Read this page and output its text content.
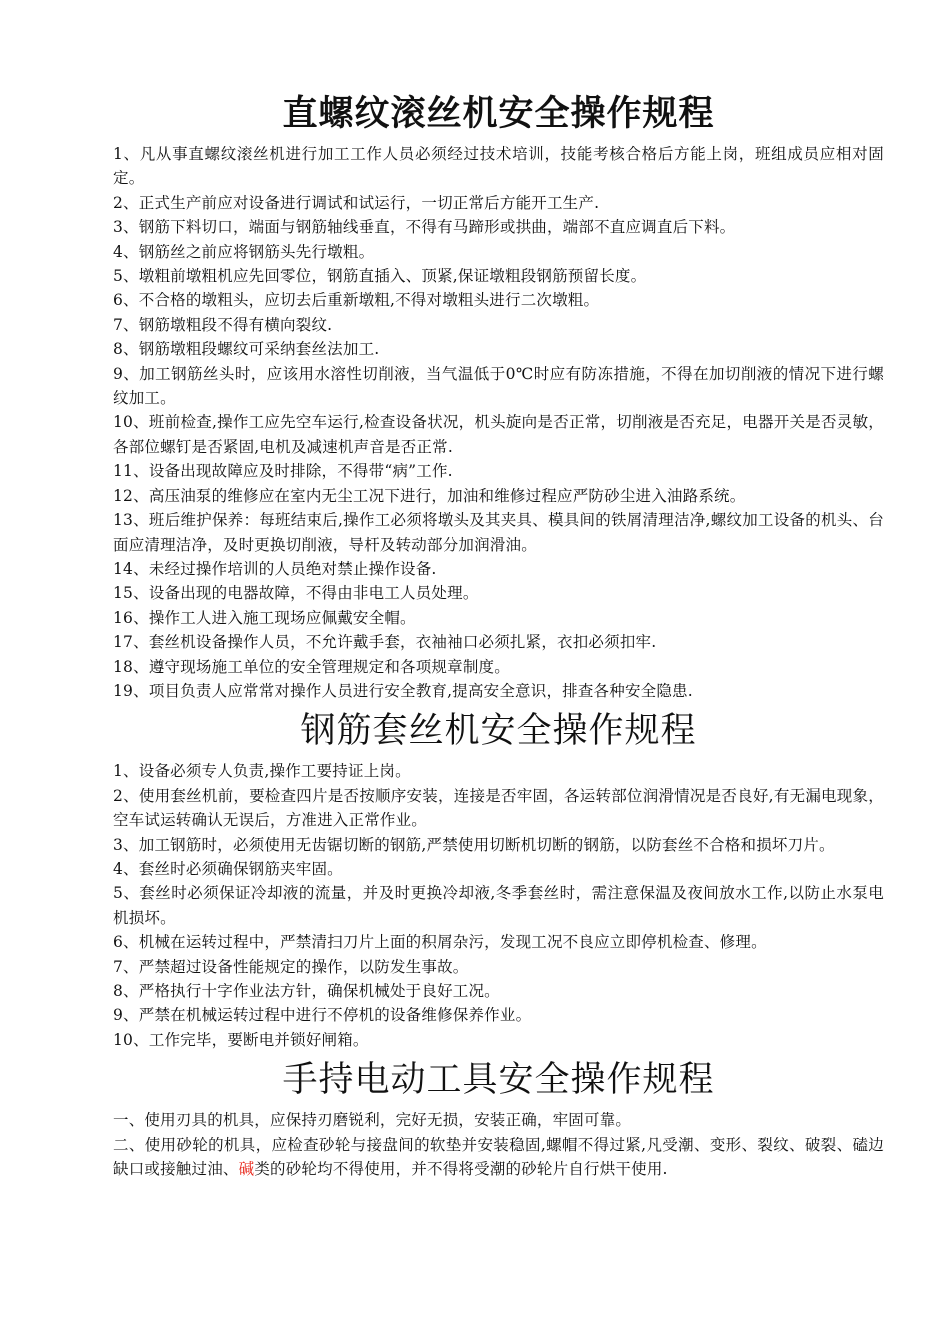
直螺纹滚丝机安全操作规程

1、凡从事直螺纹滚丝机进行加工工作人员必须经过技术培训，技能考核合格后方能上岗，班组成员应相对固定。

2、正式生产前应对设备进行调试和试运行，一切正常后方能开工生产.

3、钢筋下料切口，端面与钢筋轴线垂直，不得有马蹄形或拱曲，端部不直应调直后下料。

4、钢筋丝之前应将钢筋头先行墩粗。

5、墩粗前墩粗机应先回零位，钢筋直插入、顶紧,保证墩粗段钢筋预留长度。

6、不合格的墩粗头，应切去后重新墩粗,不得对墩粗头进行二次墩粗。

7、钢筋墩粗段不得有横向裂纹.

8、钢筋墩粗段螺纹可采纳套丝法加工.

9、加工钢筋丝头时，应该用水溶性切削液，当气温低于0℃时应有防冻措施，不得在加切削液的情况下进行螺纹加工。

10、班前检查,操作工应先空车运行,检查设备状况，机头旋向是否正常，切削液是否充足，电器开关是否灵敏，各部位螺钉是否紧固,电机及减速机声音是否正常.

11、设备出现故障应及时排除，不得带“病”工作.

12、高压油泵的维修应在室内无尘工况下进行，加油和维修过程应严防砂尘进入油路系统。

13、班后维护保养：每班结束后,操作工必须将墩头及其夹具、模具间的铁屑清理洁净,螺纹加工设备的机头、台面应清理洁净，及时更换切削液，导杆及转动部分加润滑油。

14、未经过操作培训的人员绝对禁止操作设备.

15、设备出现的电器故障，不得由非电工人员处理。

16、操作工人进入施工现场应佩戴安全帽。

17、套丝机设备操作人员，不允许戴手套，衣袖袖口必须扎紧，衣扣必须扣牢.

18、遵守现场施工单位的安全管理规定和各项规章制度。

19、项目负责人应常常对操作人员进行安全教育,提高安全意识，排查各种安全隐患.

钢筋套丝机安全操作规程

1、设备必须专人负责,操作工要持证上岗。

2、使用套丝机前，要检查四片是否按顺序安装，连接是否牢固，各运转部位润滑情况是否良好,有无漏电现象，空车试运转确认无误后，方准进入正常作业。

3、加工钢筋时，必须使用无齿锯切断的钢筋,严禁使用切断机切断的钢筋，以防套丝不合格和损坏刀片。

4、套丝时必须确保钢筋夹牢固。

5、套丝时必须保证冷却液的流量，并及时更换冷却液,冬季套丝时，需注意保温及夜间放水工作,以防止水泵电机损坏。

6、机械在运转过程中，严禁清扫刀片上面的积屑杂污，发现工况不良应立即停机检查、修理。

7、严禁超过设备性能规定的操作，以防发生事故。

8、严格执行十字作业法方针，确保机械处于良好工况。

9、严禁在机械运转过程中进行不停机的设备维修保养作业。

10、工作完毕，要断电并锁好闸箱。

手持电动工具安全操作规程

一、使用刃具的机具，应保持刃磨锐利，完好无损，安装正确，牢固可靠。

二、使用砂轮的机具，应检查砂轮与接盘间的软垫并安装稳固,螺帽不得过紧,凡受潮、变形、裂纹、破裂、磕边缺口或接触过油、碱类的砂轮均不得使用，并不得将受潮的砂轮片自行烘干使用.
